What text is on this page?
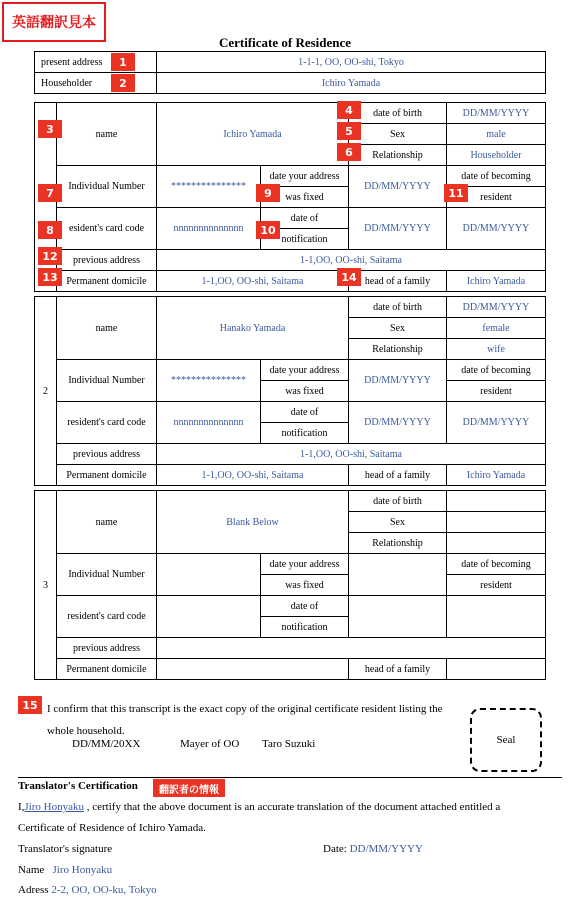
英語翻訳見本
Certificate of Residence
present address	1-1-1, OO, OO-shi, Tokyo
Householder	Ichiro Yamada
	name	Ichiro Yamada		date of birth	DD/MM/YYYY
				Sex	male
				Relationship	Householder
	Individual Number	***************	date your address	DD/MM/YYYY	date of becoming
			was fixed		resident
	esident's card code	nnnnnnnnnnnnnn	date of	DD/MM/YYYY	DD/MM/YYYY
			notification		
	previous address	1-1,OO, OO-shi, Saitama			
	Permanent domicile	1-1,OO, OO-shi, Saitama		head of a family	Ichiro Yamada
2	name	Hanako Yamada		date of birth	DD/MM/YYYY
				Sex	female
				Relationship	wife
	Individual Number	***************	date your address	DD/MM/YYYY	date of becoming
			was fixed		resident
	resident's card code	nnnnnnnnnnnnnn	date of	DD/MM/YYYY	DD/MM/YYYY
			notification		
	previous address	1-1,OO, OO-shi, Saitama			
	Permanent domicile	1-1,OO, OO-shi, Saitama		head of a family	Ichiro Yamada
3	name	Blank Below		date of birth	
				Sex	
				Relationship	
	Individual Number		date your address		date of becoming
			was fixed		resident
	resident's card code		date of		
			notification		
	previous address				
	Permanent domicile			head of a family	
1
2
3
4
5
6
7
8
9
10
11
12
13	14
15 I confirm that this transcript is the exact copy of the original certificate resident listing the whole household.
DD/MM/20XX	Mayer of OO Taro Suzuki	Seal
Translator's Certification	翻訳者の情報
I,Jiro Honyaku , certify that the above document is an accurate translation of the document attached entitled a
Certificate of Residence of Ichiro Yamada.
Translator's signature	Date: DD/MM/YYYY
Name Jiro Honyaku
Adress 2-2, OO, OO-ku, Tokyo
